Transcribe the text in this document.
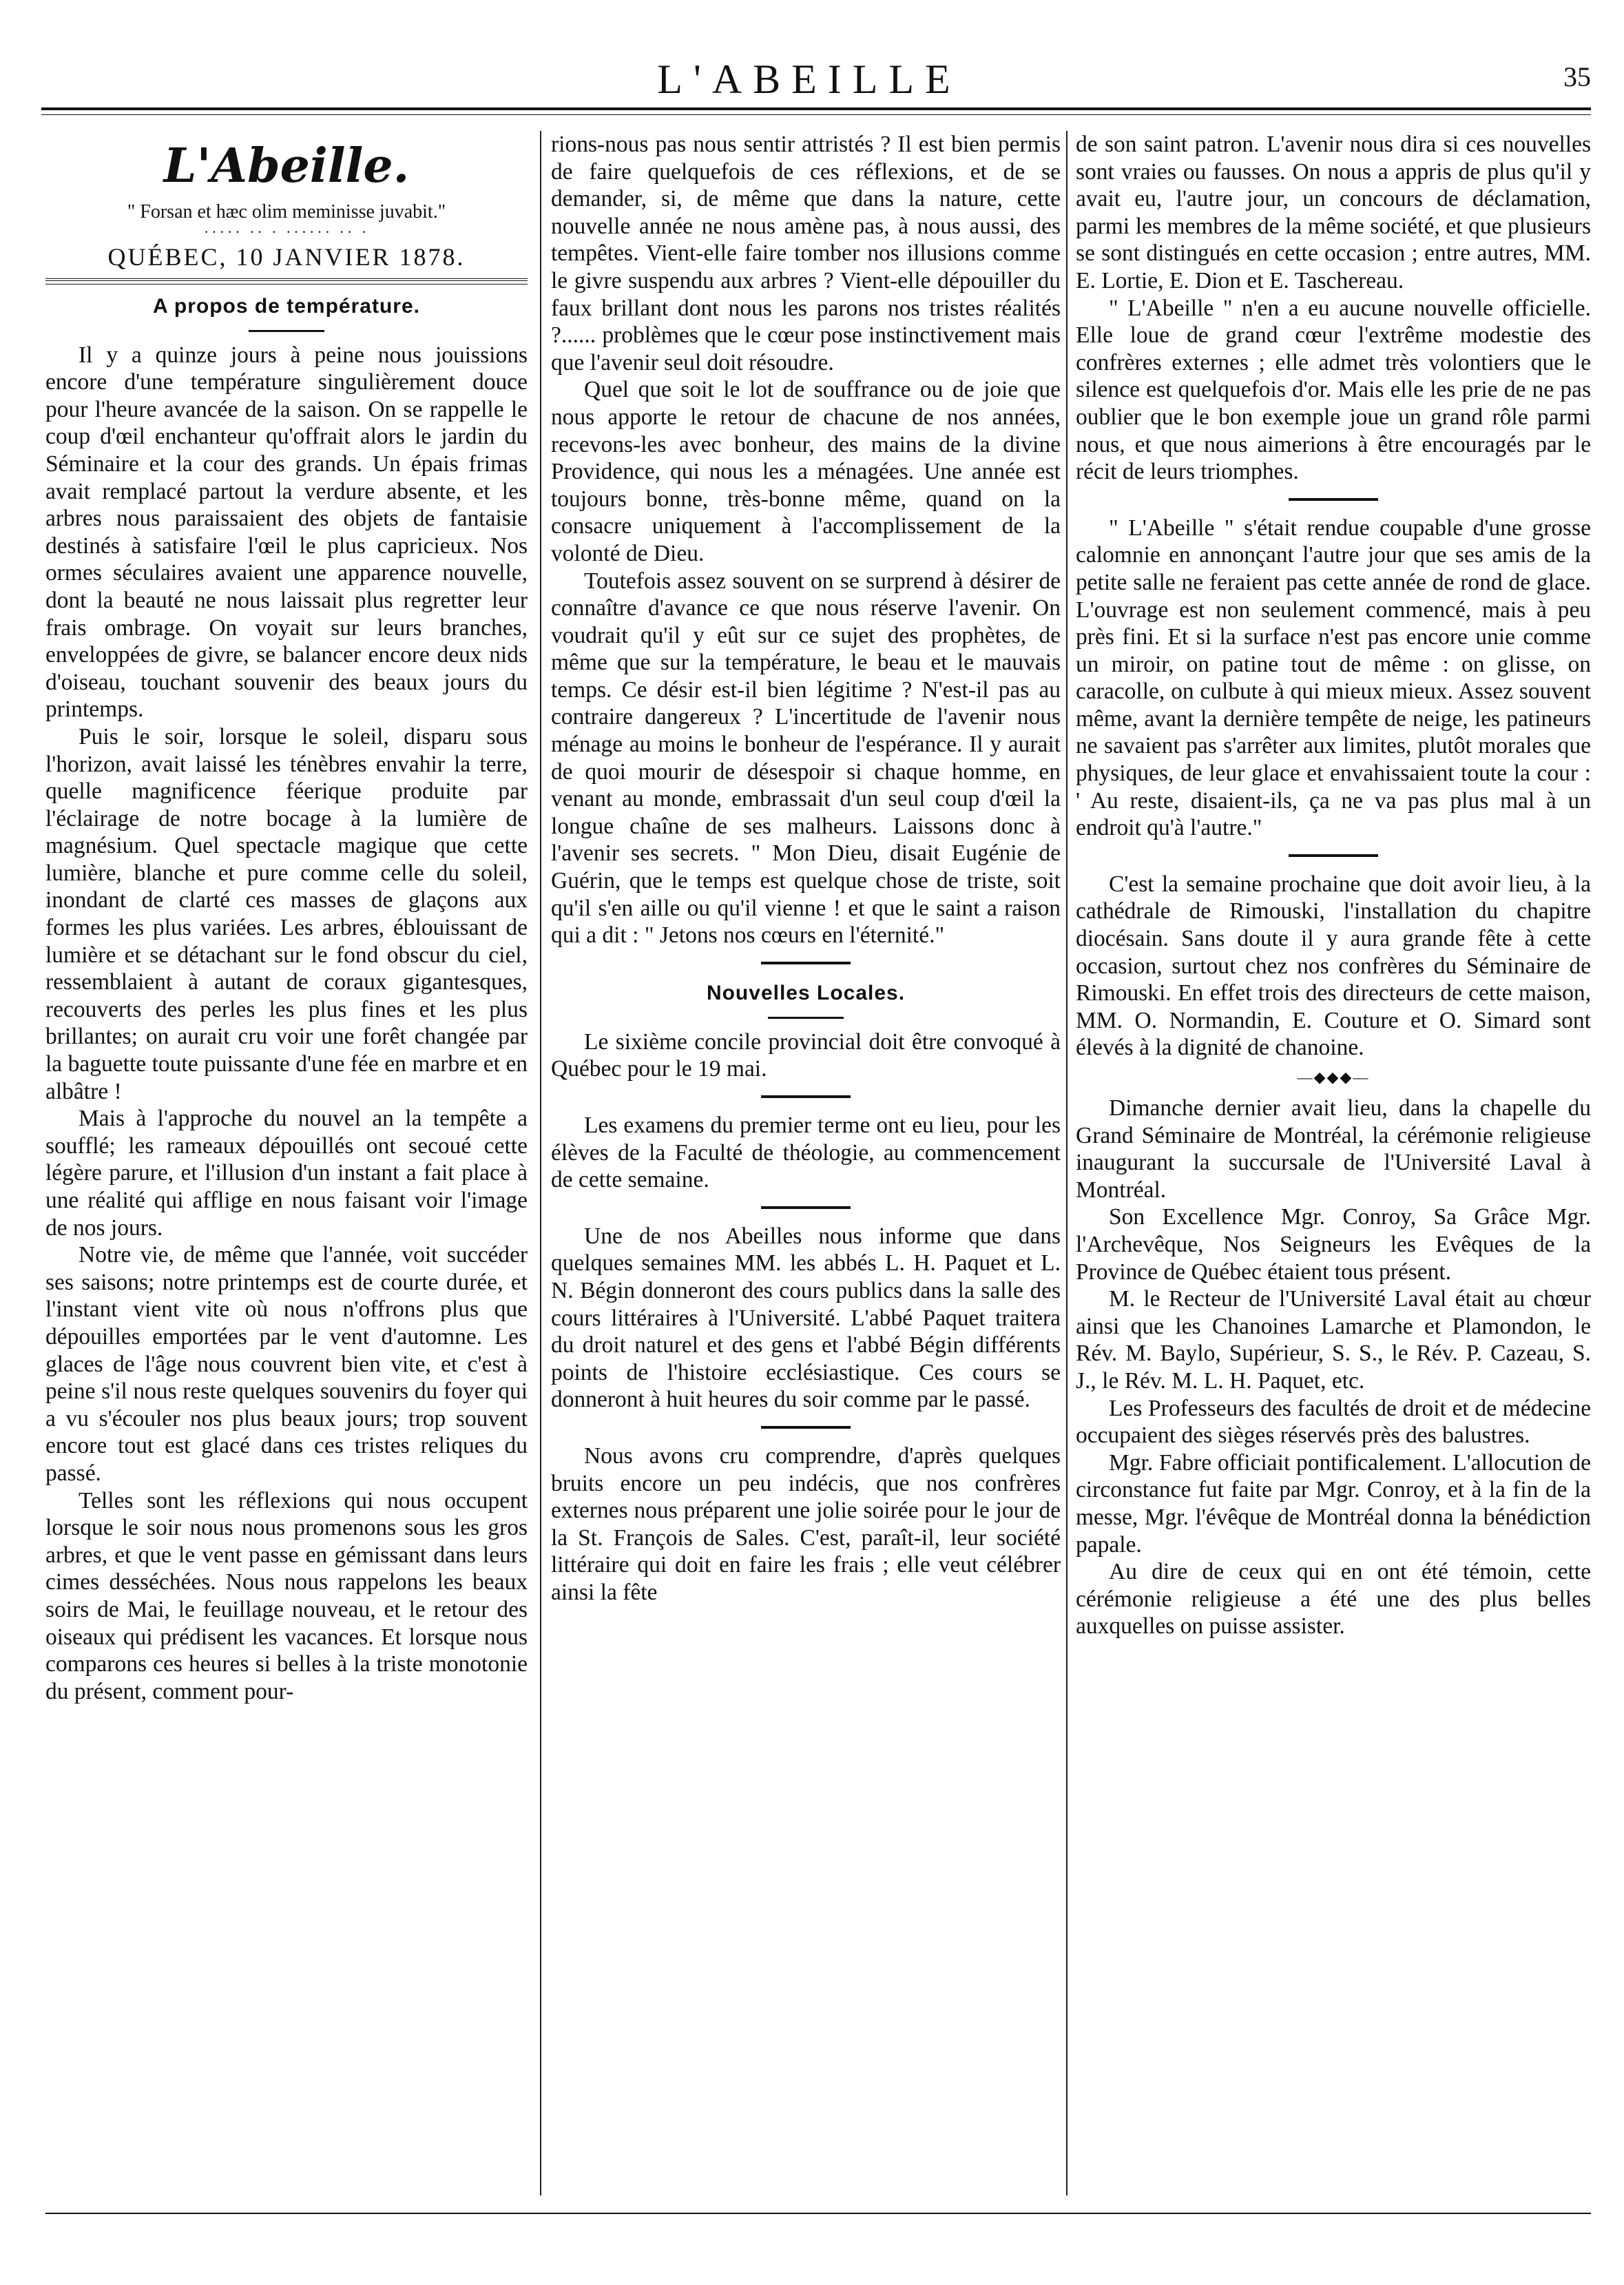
L'ABEILLE	35
L'Abeille.
" Forsan et hæc olim meminisse juvabit."
····· ·· · ······ ·· ·
QUÉBEC, 10 JANVIER 1878.
A propos de température.

Il y a quinze jours à peine nous jouissions encore d'une température singulièrement douce pour l'heure avancée de la saison. On se rappelle le coup d'œil enchanteur qu'offrait alors le jardin du Séminaire et la cour des grands. Un épais frimas avait remplacé partout la verdure absente, et les arbres nous paraissaient des objets de fantaisie destinés à satisfaire l'œil le plus capricieux. Nos ormes séculaires avaient une apparence nouvelle, dont la beauté ne nous laissait plus regretter leur frais ombrage. On voyait sur leurs branches, enveloppées de givre, se balancer encore deux nids d'oiseau, touchant souvenir des beaux jours du printemps.

Puis le soir, lorsque le soleil, disparu sous l'horizon, avait laissé les ténèbres envahir la terre, quelle magnificence féerique produite par l'éclairage de notre bocage à la lumière de magnésium. Quel spectacle magique que cette lumière, blanche et pure comme celle du soleil, inondant de clarté ces masses de glaçons aux formes les plus variées. Les arbres, éblouissant de lumière et se détachant sur le fond obscur du ciel, ressemblaient à autant de coraux gigantesques, recouverts des perles les plus fines et les plus brillantes; on aurait cru voir une forêt changée par la baguette toute puissante d'une fée en marbre et en albâtre !

Mais à l'approche du nouvel an la tempête a soufflé; les rameaux dépouillés ont secoué cette légère parure, et l'illusion d'un instant a fait place à une réalité qui afflige en nous faisant voir l'image de nos jours.

Notre vie, de même que l'année, voit succéder ses saisons; notre printemps est de courte durée, et l'instant vient vite où nous n'offrons plus que dépouilles emportées par le vent d'automne. Les glaces de l'âge nous couvrent bien vite, et c'est à peine s'il nous reste quelques souvenirs du foyer qui a vu s'écouler nos plus beaux jours; trop souvent encore tout est glacé dans ces tristes reliques du passé.

Telles sont les réflexions qui nous occupent lorsque le soir nous nous promenons sous les gros arbres, et que le vent passe en gémissant dans leurs cimes desséchées. Nous nous rappelons les beaux soirs de Mai, le feuillage nouveau, et le retour des oiseaux qui prédisent les vacances. Et lorsque nous comparons ces heures si belles à la triste monotonie du présent, comment pour-

rions-nous pas nous sentir attristés ? Il est bien permis de faire quelquefois de ces réflexions, et de se demander, si, de même que dans la nature, cette nouvelle année ne nous amène pas, à nous aussi, des tempêtes. Vient-elle faire tomber nos illusions comme le givre suspendu aux arbres ? Vient-elle dépouiller du faux brillant dont nous les parons nos tristes réalités ?...... problèmes que le cœur pose instinctivement mais que l'avenir seul doit résoudre.

Quel que soit le lot de souffrance ou de joie que nous apporte le retour de chacune de nos années, recevons-les avec bonheur, des mains de la divine Providence, qui nous les a ménagées. Une année est toujours bonne, très-bonne même, quand on la consacre uniquement à l'accomplissement de la volonté de Dieu.

Toutefois assez souvent on se surprend à désirer de connaître d'avance ce que nous réserve l'avenir. On voudrait qu'il y eût sur ce sujet des prophètes, de même que sur la température, le beau et le mauvais temps. Ce désir est-il bien légitime ? N'est-il pas au contraire dangereux ? L'incertitude de l'avenir nous ménage au moins le bonheur de l'espérance. Il y aurait de quoi mourir de désespoir si chaque homme, en venant au monde, embrassait d'un seul coup d'œil la longue chaîne de ses malheurs. Laissons donc à l'avenir ses secrets. " Mon Dieu, disait Eugénie de Guérin, que le temps est quelque chose de triste, soit qu'il s'en aille ou qu'il vienne ! et que le saint a raison qui a dit : " Jetons nos cœurs en l'éternité."

Nouvelles Locales.

Le sixième concile provincial doit être convoqué à Québec pour le 19 mai.

Les examens du premier terme ont eu lieu, pour les élèves de la Faculté de théologie, au commencement de cette semaine.

Une de nos Abeilles nous informe que dans quelques semaines MM. les abbés L. H. Paquet et L. N. Bégin donneront des cours publics dans la salle des cours littéraires à l'Université. L'abbé Paquet traitera du droit naturel et des gens et l'abbé Bégin différents points de l'histoire ecclésiastique. Ces cours se donneront à huit heures du soir comme par le passé.

Nous avons cru comprendre, d'après quelques bruits encore un peu indécis, que nos confrères externes nous préparent une jolie soirée pour le jour de la St. François de Sales. C'est, paraît-il, leur société littéraire qui doit en faire les frais ; elle veut célébrer ainsi la fête

de son saint patron. L'avenir nous dira si ces nouvelles sont vraies ou fausses. On nous a appris de plus qu'il y avait eu, l'autre jour, un concours de déclamation, parmi les membres de la même société, et que plusieurs se sont distingués en cette occasion ; entre autres, MM. E. Lortie, E. Dion et E. Taschereau.

" L'Abeille " n'en a eu aucune nouvelle officielle. Elle loue de grand cœur l'extrême modestie des confrères externes ; elle admet très volontiers que le silence est quelquefois d'or. Mais elle les prie de ne pas oublier que le bon exemple joue un grand rôle parmi nous, et que nous aimerions à être encouragés par le récit de leurs triomphes.

" L'Abeille " s'était rendue coupable d'une grosse calomnie en annonçant l'autre jour que ses amis de la petite salle ne feraient pas cette année de rond de glace. L'ouvrage est non seulement commencé, mais à peu près fini. Et si la surface n'est pas encore unie comme un miroir, on patine tout de même : on glisse, on caracolle, on culbute à qui mieux mieux. Assez souvent même, avant la dernière tempête de neige, les patineurs ne savaient pas s'arrêter aux limites, plutôt morales que physiques, de leur glace et envahissaient toute la cour : ' Au reste, disaient-ils, ça ne va pas plus mal à un endroit qu'à l'autre."

C'est la semaine prochaine que doit avoir lieu, à la cathédrale de Rimouski, l'installation du chapitre diocésain. Sans doute il y aura grande fête à cette occasion, surtout chez nos confrères du Séminaire de Rimouski. En effet trois des directeurs de cette maison, MM. O. Normandin, E. Couture et O. Simard sont élevés à la dignité de chanoine.

—◆◆◆—

Dimanche dernier avait lieu, dans la chapelle du Grand Séminaire de Montréal, la cérémonie religieuse inaugurant la succursale de l'Université Laval à Montréal.

Son Excellence Mgr. Conroy, Sa Grâce Mgr. l'Archevêque, Nos Seigneurs les Evêques de la Province de Québec étaient tous présent.

M. le Recteur de l'Université Laval était au chœur ainsi que les Chanoines Lamarche et Plamondon, le Rév. M. Baylo, Supérieur, S. S., le Rév. P. Cazeau, S. J., le Rév. M. L. H. Paquet, etc.

Les Professeurs des facultés de droit et de médecine occupaient des sièges réservés près des balustres.

Mgr. Fabre officiait pontificalement. L'allocution de circonstance fut faite par Mgr. Conroy, et à la fin de la messe, Mgr. l'évêque de Montréal donna la bénédiction papale.

Au dire de ceux qui en ont été témoin, cette cérémonie religieuse a été une des plus belles auxquelles on puisse assister.
